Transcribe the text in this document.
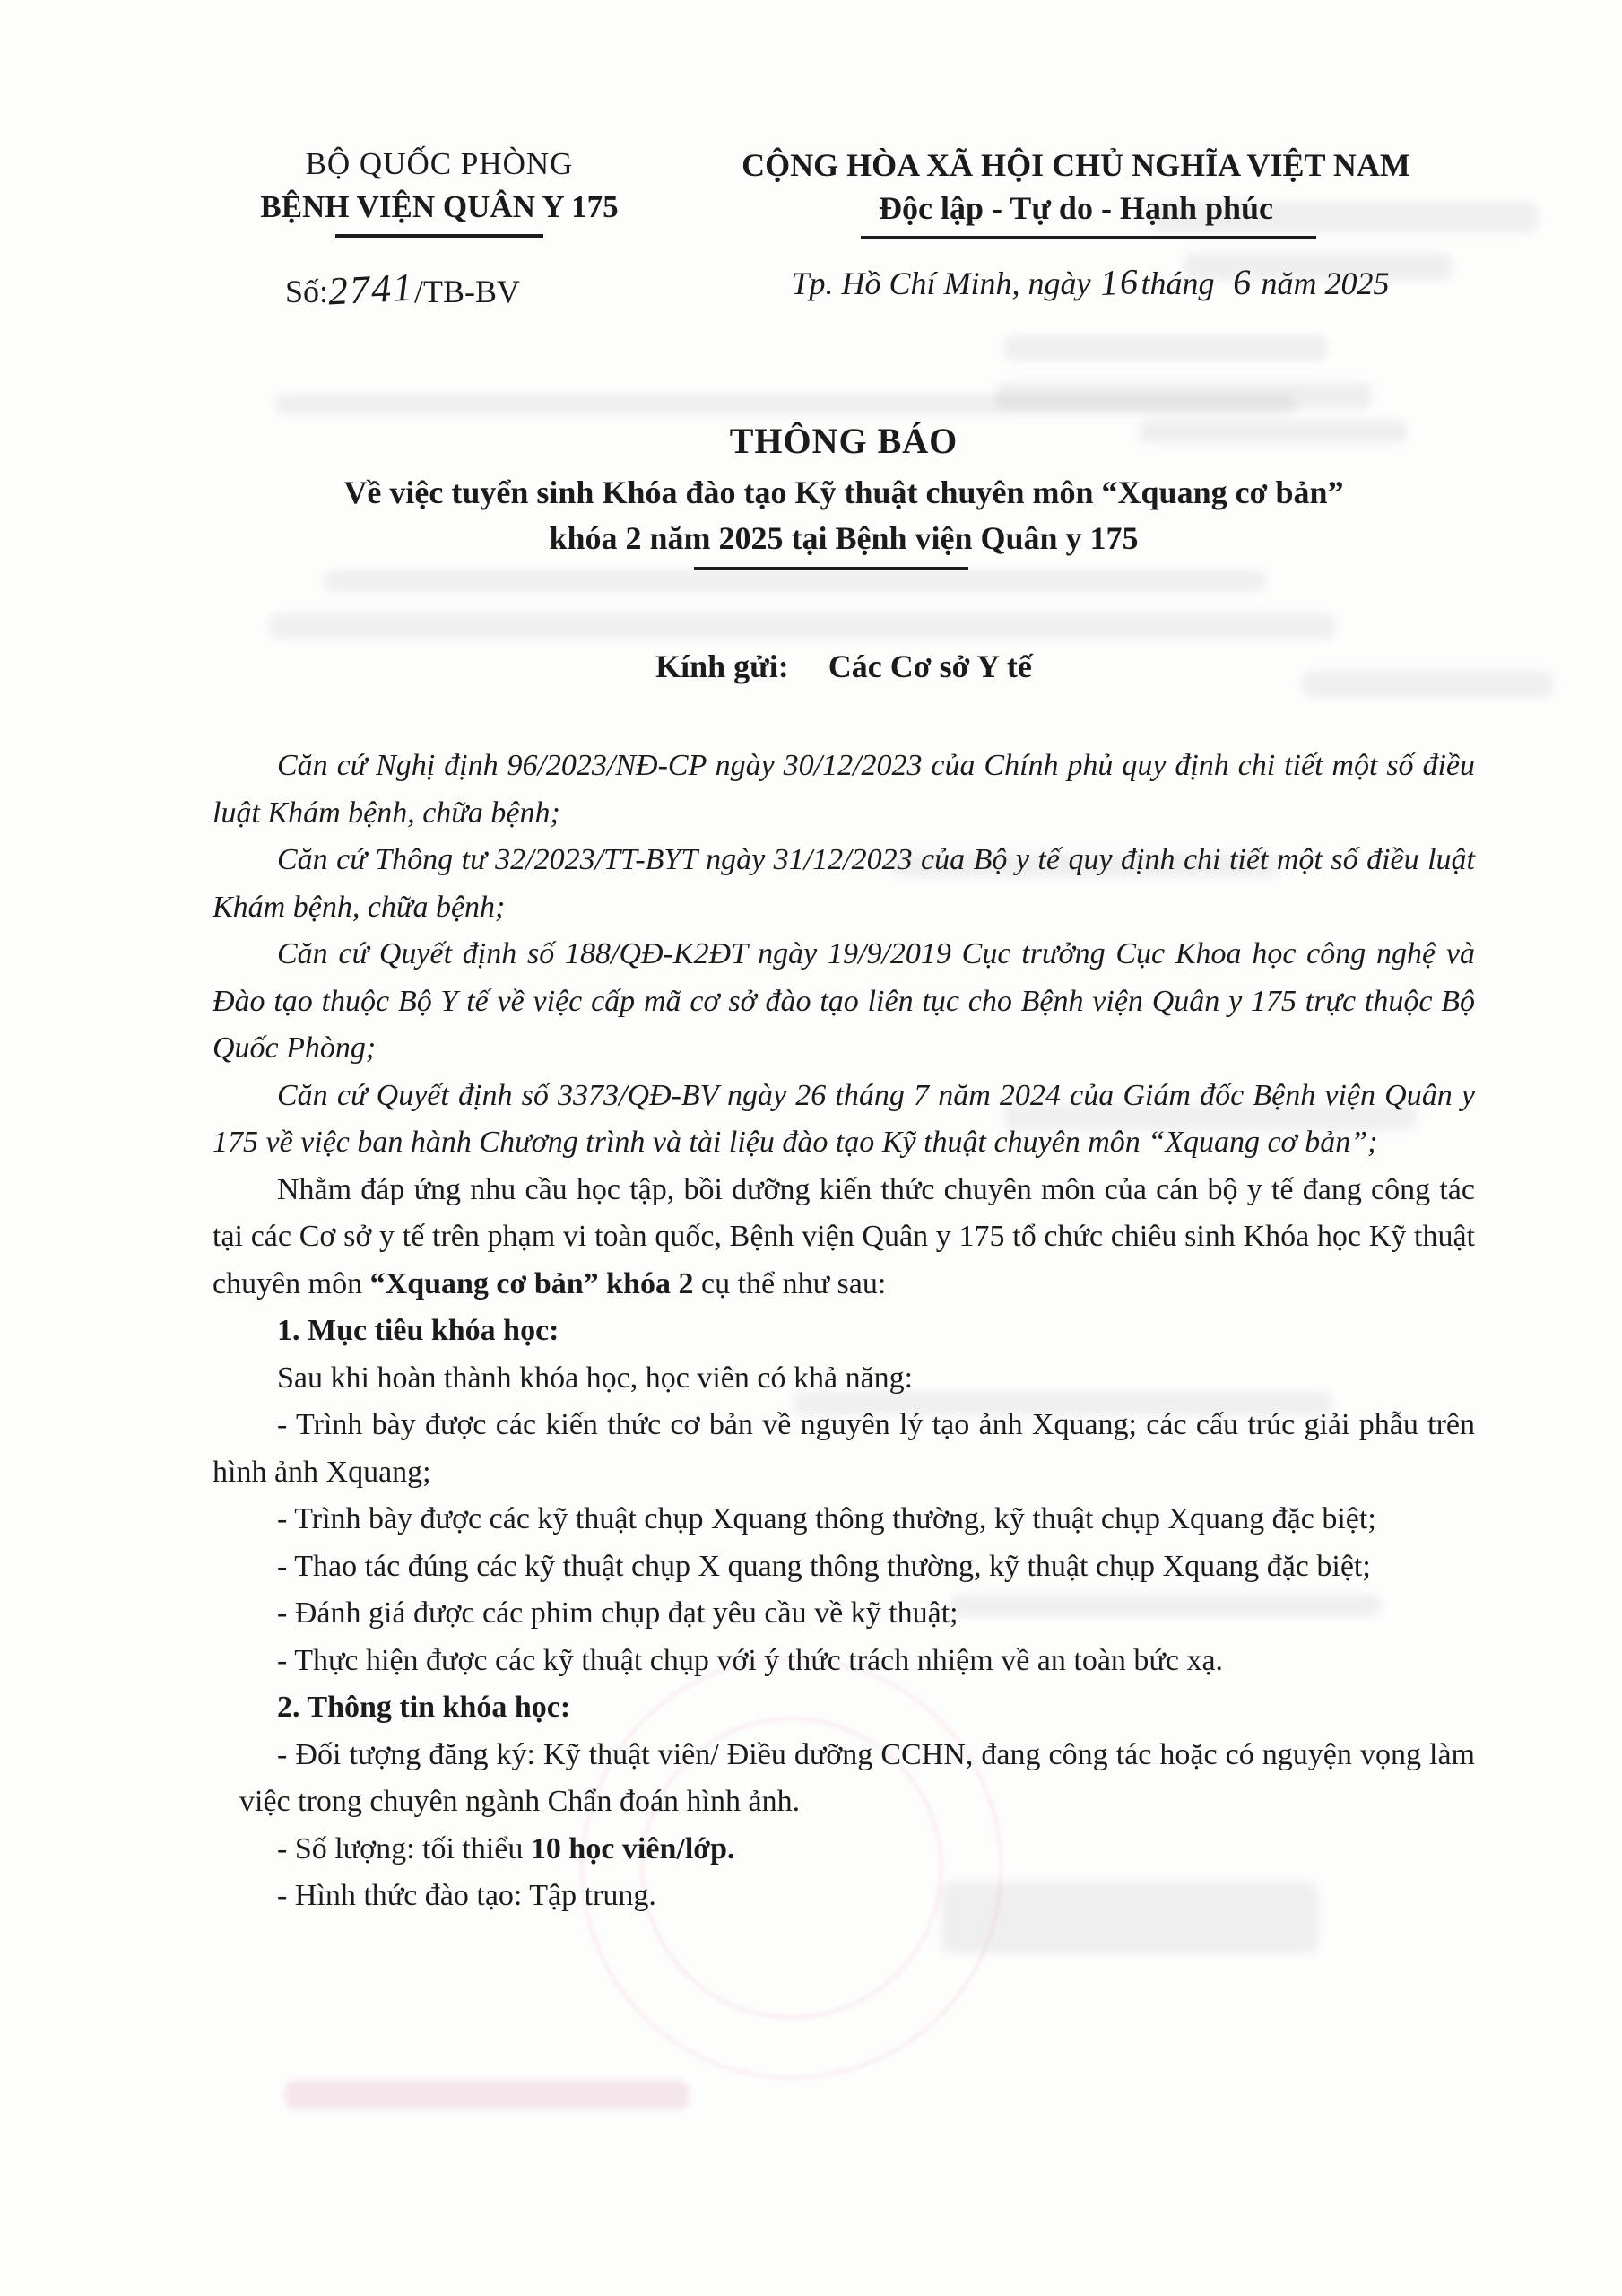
BỘ QUỐC PHÒNG
BỆNH VIỆN QUÂN Y 175
Số:2741/TB-BV
CỘNG HÒA XÃ HỘI CHỦ NGHĨA VIỆT NAM
Độc lập - Tự do - Hạnh phúc
Tp. Hồ Chí Minh, ngày 16tháng 6 năm 2025
THÔNG BÁO
Về việc tuyển sinh Khóa đào tạo Kỹ thuật chuyên môn “Xquang cơ bản”
khóa 2 năm 2025 tại Bệnh viện Quân y 175
Kính gửi: Các Cơ sở Y tế

Căn cứ Nghị định 96/2023/NĐ-CP ngày 30/12/2023 của Chính phủ quy định chi tiết một số điều luật Khám bệnh, chữa bệnh;

Căn cứ Thông tư 32/2023/TT-BYT ngày 31/12/2023 của Bộ y tế quy định chi tiết một số điều luật Khám bệnh, chữa bệnh;

Căn cứ Quyết định số 188/QĐ-K2ĐT ngày 19/9/2019 Cục trưởng Cục Khoa học công nghệ và Đào tạo thuộc Bộ Y tế về việc cấp mã cơ sở đào tạo liên tục cho Bệnh viện Quân y 175 trực thuộc Bộ Quốc Phòng;

Căn cứ Quyết định số 3373/QĐ-BV ngày 26 tháng 7 năm 2024 của Giám đốc Bệnh viện Quân y 175 về việc ban hành Chương trình và tài liệu đào tạo Kỹ thuật chuyên môn “Xquang cơ bản”;

Nhằm đáp ứng nhu cầu học tập, bồi dưỡng kiến thức chuyên môn của cán bộ y tế đang công tác tại các Cơ sở y tế trên phạm vi toàn quốc, Bệnh viện Quân y 175 tổ chức chiêu sinh Khóa học Kỹ thuật chuyên môn “Xquang cơ bản” khóa 2 cụ thể như sau:

1. Mục tiêu khóa học:

Sau khi hoàn thành khóa học, học viên có khả năng:

- Trình bày được các kiến thức cơ bản về nguyên lý tạo ảnh Xquang; các cấu trúc giải phẫu trên hình ảnh Xquang;

- Trình bày được các kỹ thuật chụp Xquang thông thường, kỹ thuật chụp Xquang đặc biệt;

- Thao tác đúng các kỹ thuật chụp X quang thông thường, kỹ thuật chụp Xquang đặc biệt;

- Đánh giá được các phim chụp đạt yêu cầu về kỹ thuật;

- Thực hiện được các kỹ thuật chụp với ý thức trách nhiệm về an toàn bức xạ.

2. Thông tin khóa học:

- Đối tượng đăng ký: Kỹ thuật viên/ Điều dưỡng CCHN, đang công tác hoặc có nguyện vọng làm việc trong chuyên ngành Chẩn đoán hình ảnh.

- Số lượng: tối thiểu 10 học viên/lớp.

- Hình thức đào tạo: Tập trung.
